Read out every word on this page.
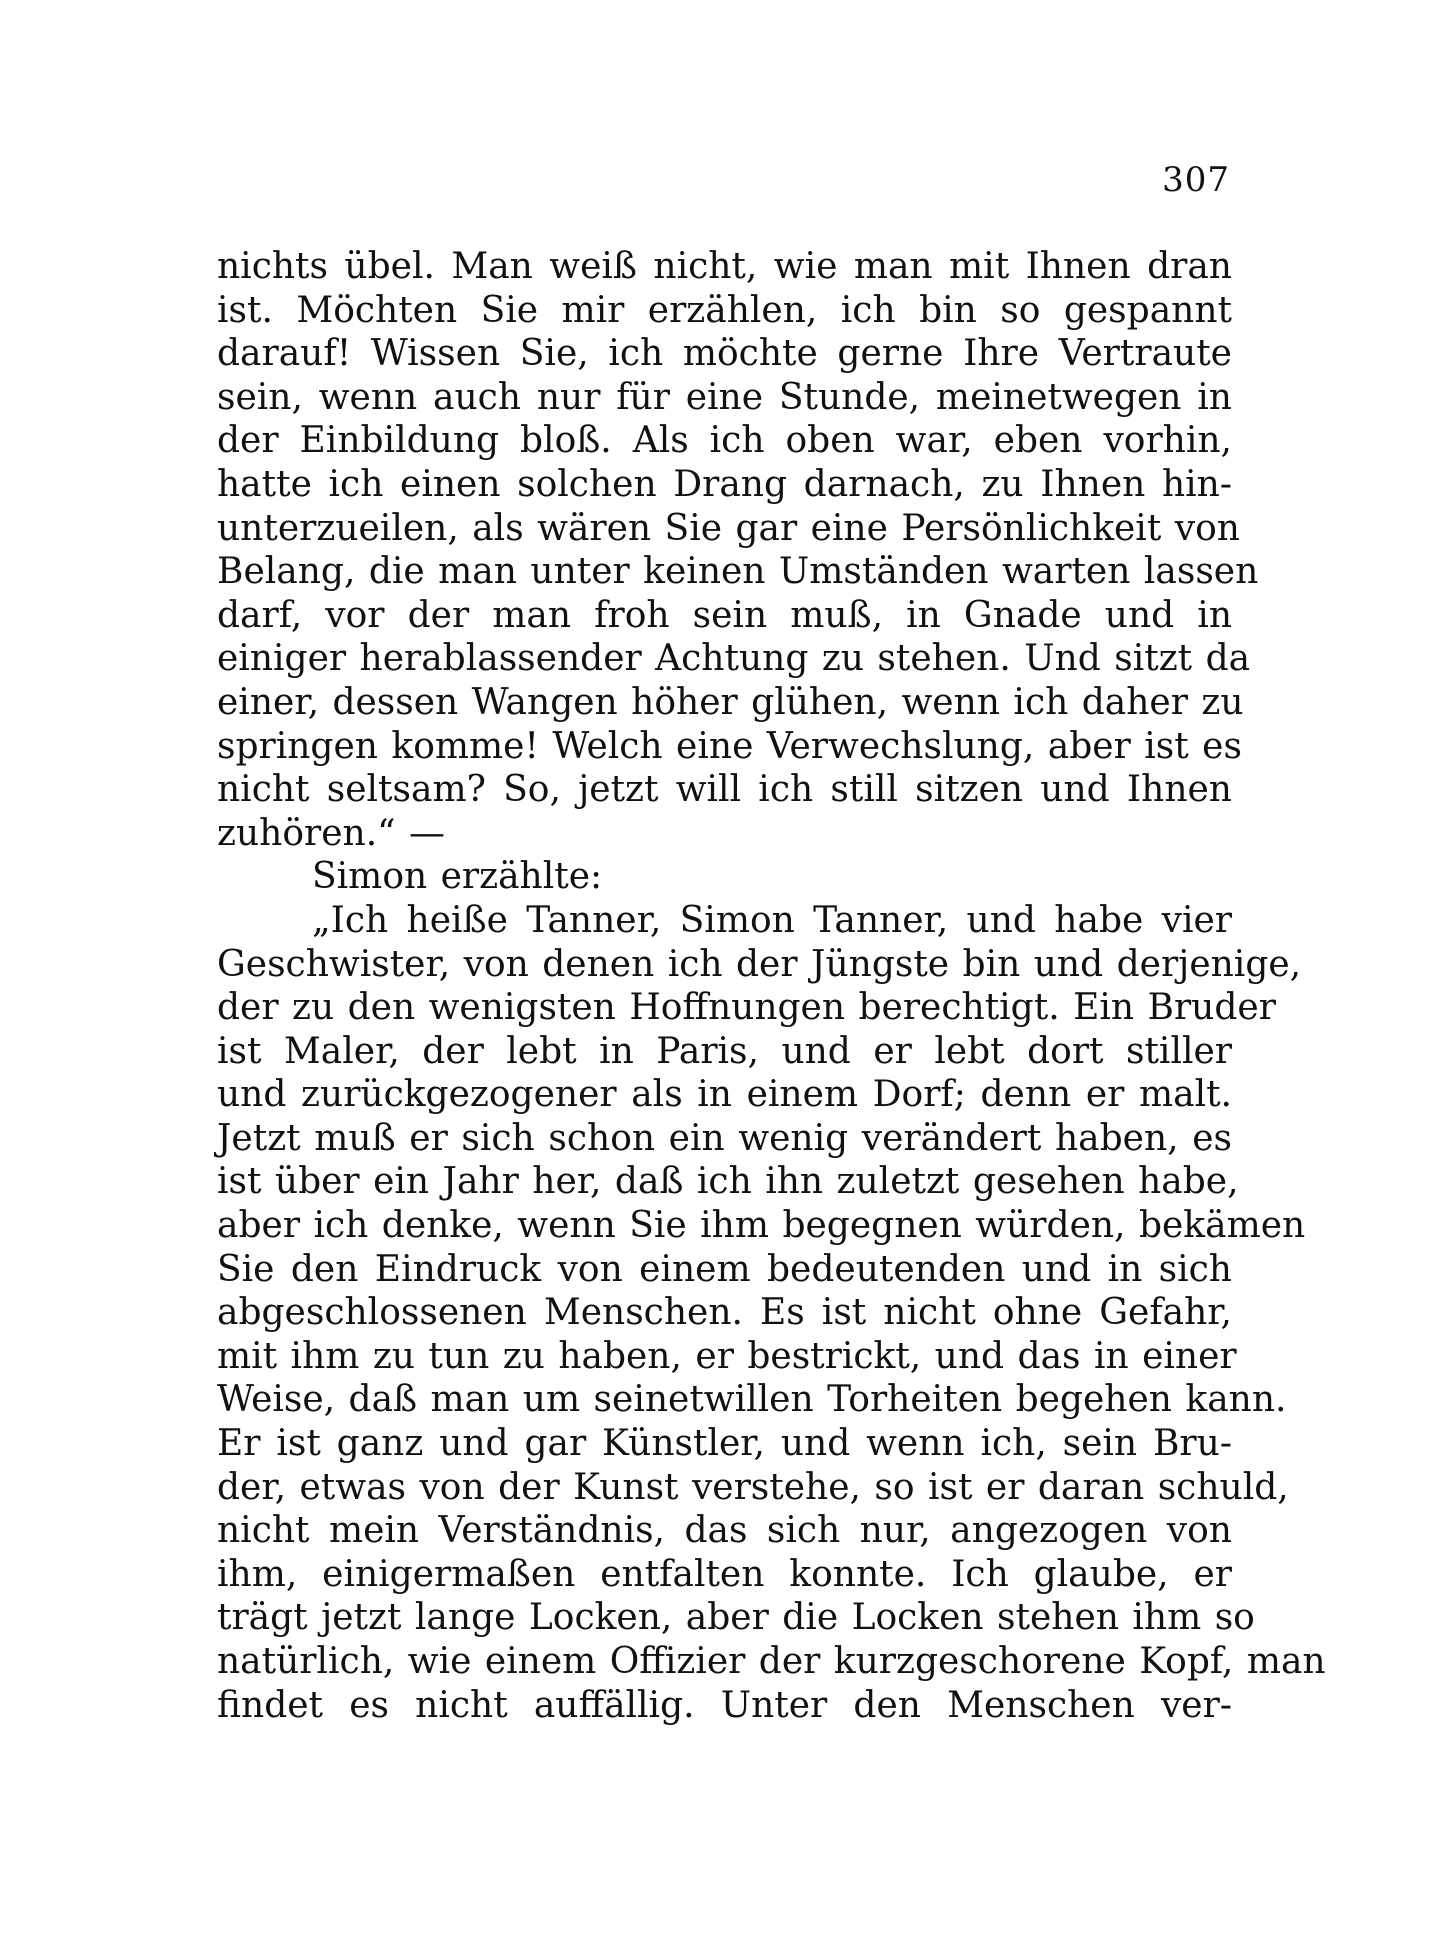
307
nichts übel. Man weiß nicht, wie man mit Ihnen dran
ist. Möchten Sie mir erzählen, ich bin so gespannt
darauf! Wissen Sie, ich möchte gerne Ihre Vertraute
sein, wenn auch nur für eine Stunde, meinetwegen in
der Einbildung bloß. Als ich oben war, eben vorhin,
hatte ich einen solchen Drang darnach, zu Ihnen hin-
unterzueilen, als wären Sie gar eine Persönlichkeit von
Belang, die man unter keinen Umständen warten lassen
darf, vor der man froh sein muß, in Gnade und in
einiger herablassender Achtung zu stehen. Und sitzt da
einer, dessen Wangen höher glühen, wenn ich daher zu
springen komme! Welch eine Verwechslung, aber ist es
nicht seltsam? So, jetzt will ich still sitzen und Ihnen
zuhören.“ —
Simon erzählte:
„Ich heiße Tanner, Simon Tanner, und habe vier
Geschwister, von denen ich der Jüngste bin und derjenige,
der zu den wenigsten Hoffnungen berechtigt. Ein Bruder
ist Maler, der lebt in Paris, und er lebt dort stiller
und zurückgezogener als in einem Dorf; denn er malt.
Jetzt muß er sich schon ein wenig verändert haben, es
ist über ein Jahr her, daß ich ihn zuletzt gesehen habe,
aber ich denke, wenn Sie ihm begegnen würden, bekämen
Sie den Eindruck von einem bedeutenden und in sich
abgeschlossenen Menschen. Es ist nicht ohne Gefahr,
mit ihm zu tun zu haben, er bestrickt, und das in einer
Weise, daß man um seinetwillen Torheiten begehen kann.
Er ist ganz und gar Künstler, und wenn ich, sein Bru-
der, etwas von der Kunst verstehe, so ist er daran schuld,
nicht mein Verständnis, das sich nur, angezogen von
ihm, einigermaßen entfalten konnte. Ich glaube, er
trägt jetzt lange Locken, aber die Locken stehen ihm so
natürlich, wie einem Offizier der kurzgeschorene Kopf, man
findet es nicht auffällig. Unter den Menschen ver-
